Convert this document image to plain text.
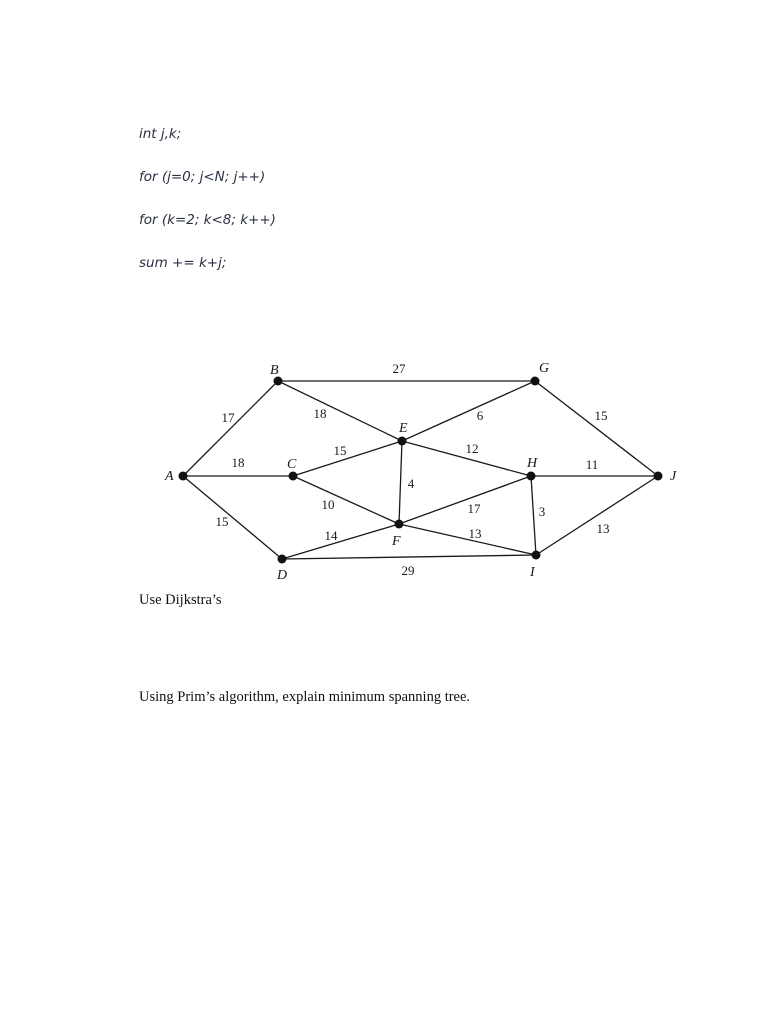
int j,k;

for (j=0; j<N; j++)

for (k=2; k<8; k++)

sum += k+j;

17
18
15
27
18	6	15
15	12
4
10
14
17
13
11
3
13
29
A
B
C
D
E
F
G
H
I
J

Use Dijkstra’s

Using Prim’s algorithm, explain minimum spanning tree.
